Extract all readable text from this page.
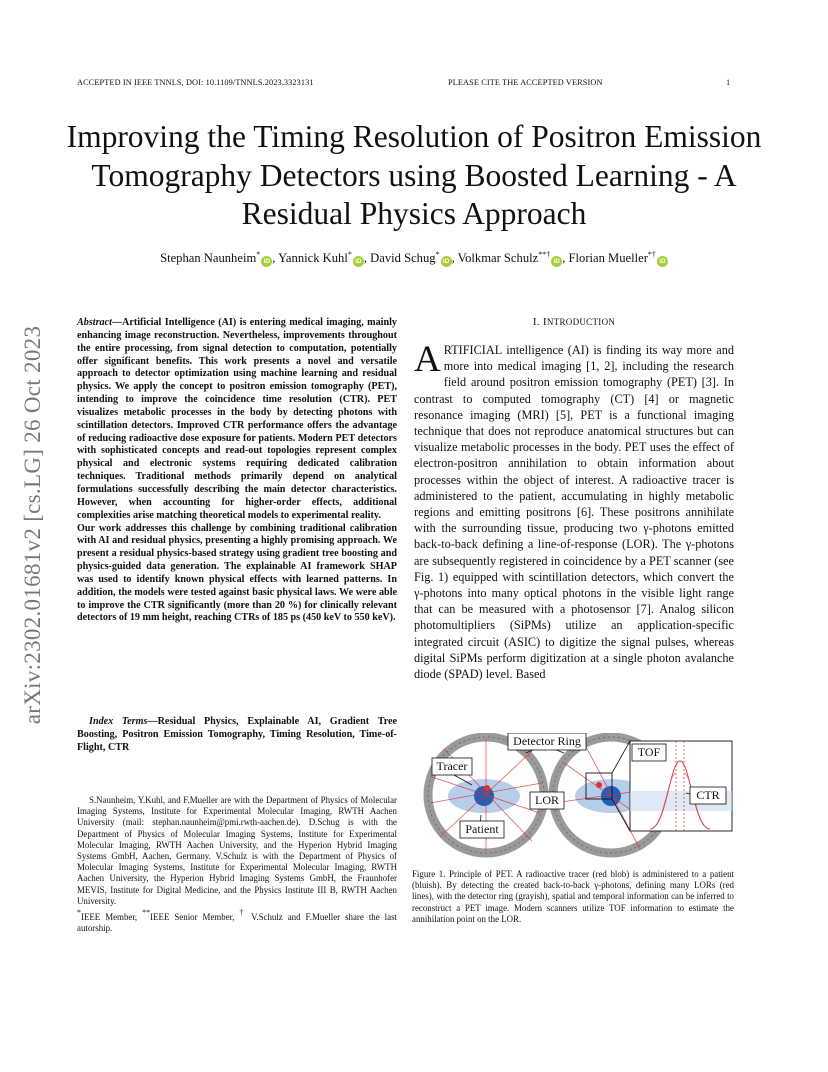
ACCEPTED IN IEEE TNNLS, DOI: 10.1109/TNNLS.2023.3323131	PLEASE CITE THE ACCEPTED VERSION	1
Improving the Timing Resolution of Positron Emission Tomography Detectors using Boosted Learning - A Residual Physics Approach
Stephan Naunheim*iD , Yannick Kuhl*iD , David Schug*iD , Volkmar Schulz**†iD , Florian Mueller*†iD
arXiv:2302.01681v2 [cs.LG] 26 Oct 2023

Abstract—Artificial Intelligence (AI) is entering medical imaging, mainly enhancing image reconstruction. Nevertheless, improvements throughout the entire processing, from signal detection to computation, potentially offer significant benefits. This work presents a novel and versatile approach to detector optimization using machine learning and residual physics. We apply the concept to positron emission tomography (PET), intending to improve the coincidence time resolution (CTR). PET visualizes metabolic processes in the body by detecting photons with scintillation detectors. Improved CTR performance offers the advantage of reducing radioactive dose exposure for patients. Modern PET detectors with sophisticated concepts and read-out topologies represent complex physical and electronic systems requiring dedicated calibration techniques. Traditional methods primarily depend on analytical formulations successfully describing the main detector characteristics. However, when accounting for higher-order effects, additional complexities arise matching theoretical models to experimental reality.

Our work addresses this challenge by combining traditional calibration with AI and residual physics, presenting a highly promising approach. We present a residual physics-based strategy using gradient tree boosting and physics-guided data generation. The explainable AI framework SHAP was used to identify known physical effects with learned patterns. In addition, the models were tested against basic physical laws. We were able to improve the CTR significantly (more than 20 %) for clinically relevant detectors of 19 mm height, reaching CTRs of 185 ps (450 keV to 550 keV).

Index Terms—Residual Physics, Explainable AI, Gradient Tree Boosting, Positron Emission Tomography, Timing Resolution, Time-of-Flight, CTR

S.Naunheim, Y.Kuhl, and F.Mueller are with the Department of Physics of Molecular Imaging Systems, Institute for Experimental Molecular Imaging, RWTH Aachen University (mail: stephan.naunheim@pmi.rwth-aachen.de). D.Schug is with the Department of Physics of Molecular Imaging Systems, Institute for Experimental Molecular Imaging, RWTH Aachen University, and the Hyperion Hybrid Imaging Systems GmbH, Aachen, Germany. V.Schulz is with the Department of Physics of Molecular Imaging Systems, Institute for Experimental Molecular Imaging, RWTH Aachen University, the Hyperion Hybrid Imaging Systems GmbH, the Fraunhofer MEVIS, Institute for Digital Medicine, and the Physics Institute III B, RWTH Aachen University.

*IEEE Member, **IEEE Senior Member, † V.Schulz and F.Mueller share the last autorship.

I. INTRODUCTION
ARTIFICIAL intelligence (AI) is finding its way more and more into medical imaging [1, 2], including the research field around positron emission tomography (PET) [3]. In contrast to computed tomography (CT) [4] or magnetic resonance imaging (MRI) [5], PET is a functional imaging technique that does not reproduce anatomical structures but can visualize metabolic processes in the body. PET uses the effect of electron-positron annihilation to obtain information about processes within the object of interest. A radioactive tracer is administered to the patient, accumulating in highly metabolic regions and emitting positrons [6]. These positrons annihilate with the surrounding tissue, producing two γ-photons emitted back-to-back defining a line-of-response (LOR). The γ-photons are subsequently registered in coincidence by a PET scanner (see Fig. 1) equipped with scintillation detectors, which convert the γ-photons into many optical photons in the visible light range that can be measured with a photosensor [7]. Analog silicon photomultipliers (SiPMs) utilize an application-specific integrated circuit (ASIC) to digitize the signal pulses, whereas digital SiPMs perform digitization at a single photon avalanche diode (SPAD) level. Based
Detector Ring
Tracer
LOR
Patient
TOF
CTR
Figure 1. Principle of PET. A radioactive tracer (red blob) is administered to a patient (bluish). By detecting the created back-to-back γ-photons, defining many LORs (red lines), with the detector ring (grayish), spatial and temporal information can be inferred to reconstruct a PET image. Modern scanners utilize TOF information to estimate the annihilation point on the LOR.
